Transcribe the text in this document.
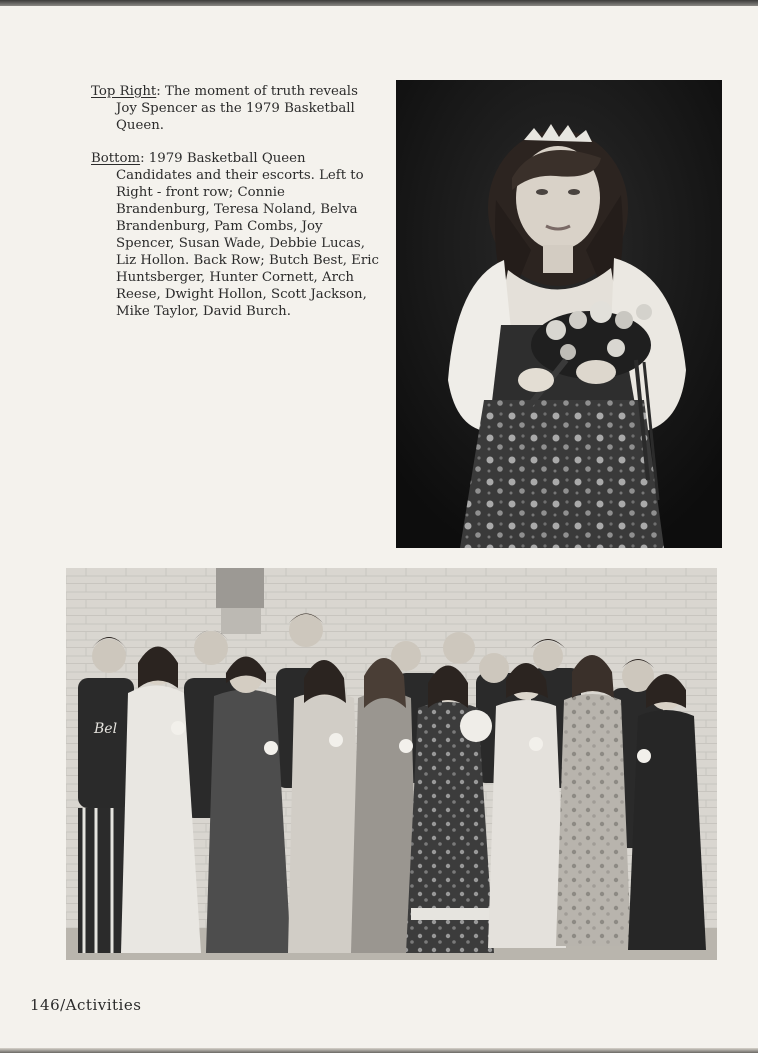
Top Right: The moment of truth reveals Joy Spencer as the 1979 Basketball Queen.

Bottom: 1979 Basketball Queen Candidates and their escorts. Left to Right - front row; Connie Brandenburg, Teresa Noland, Belva Brandenburg, Pam Combs, Joy Spencer, Susan Wade, Debbie Lucas, Liz Hollon. Back Row; Butch Best, Eric Huntsberger, Hunter Cornett, Arch Reese, Dwight Hollon, Scott Jackson, Mike Taylor, David Burch.

Bel
146/Activities
